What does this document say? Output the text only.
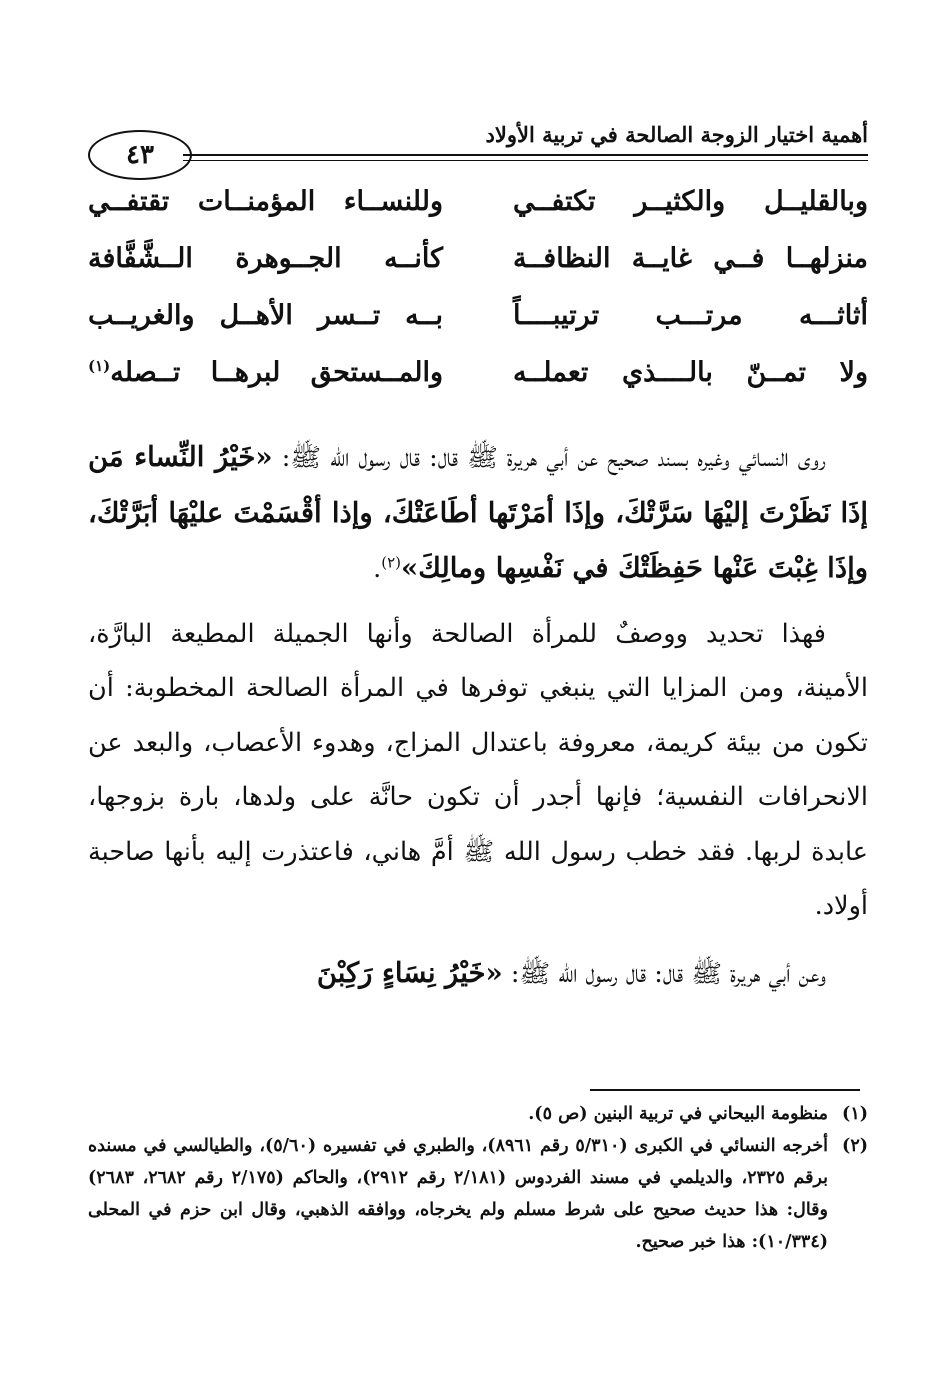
أهمية اختيار الزوجة الصالحة في تربية الأولاد
٤٣
وبالقليــل والكثيــر تكتفــي
وللنســاء المؤمنــات تقتفــي
منزلهــا فــي غايــة النظافــة
كأنــه الجــوهرة الــشَّفَّافة
أثاثـــه مرتـــب ترتيبــــاً
بــه تــسر الأهــل والغريــب
ولا تمــنّ بالــــذي تعملــه
والمــستحق لبرهــا تــصله$^{(١)}$

روى النسائي وغيره بسند صحيح عن أبي هريرة ﷺ قال: قال رسول الله ﷺ: «خَيْرُ النِّساء مَن إذَا نَظَرْتَ إليْهَا سَرَّتْكَ، وإذَا أمَرْتَها أطَاعَتْكَ، وإذا أقْسَمْتَ عليْهَا أبَرَّتْكَ، وإذَا غِبْتَ عَنْها حَفِظَتْكَ في نَفْسِها ومالِكَ»$^{(٢)}$.

فهذا تحديد ووصفٌ للمرأة الصالحة وأنها الجميلة المطيعة البارَّة، الأمينة، ومن المزايا التي ينبغي توفرها في المرأة الصالحة المخطوبة: أن تكون من بيئة كريمة، معروفة باعتدال المزاج، وهدوء الأعصاب، والبعد عن الانحرافات النفسية؛ فإنها أجدر أن تكون حانَّة على ولدها، بارة بزوجها، عابدة لربها. فقد خطب رسول الله ﷺ أمَّ هاني، فاعتذرت إليه بأنها صاحبة أولاد.

وعن أبي هريرة ﷺ قال: قال رسول الله ﷺ: «خَيْرُ نِسَاءٍ رَكِبْنَ

(١)
منظومة البيحاني في تربية البنين (ص ٥).

(٢)
أخرجه النسائي في الكبرى (٥/٣١٠ رقم ٨٩٦١)، والطبري في تفسيره (٥/٦٠)، والطيالسي في مسنده برقم ٢٣٢٥، والديلمي في مسند الفردوس (٢/١٨١ رقم ٢٩١٢)، والحاكم (٢/١٧٥ رقم ٢٦٨٢، ٢٦٨٣) وقال: هذا حديث صحيح على شرط مسلم ولم يخرجاه، ووافقه الذهبي، وقال ابن حزم في المحلى (١٠/٣٣٤): هذا خبر صحيح.
